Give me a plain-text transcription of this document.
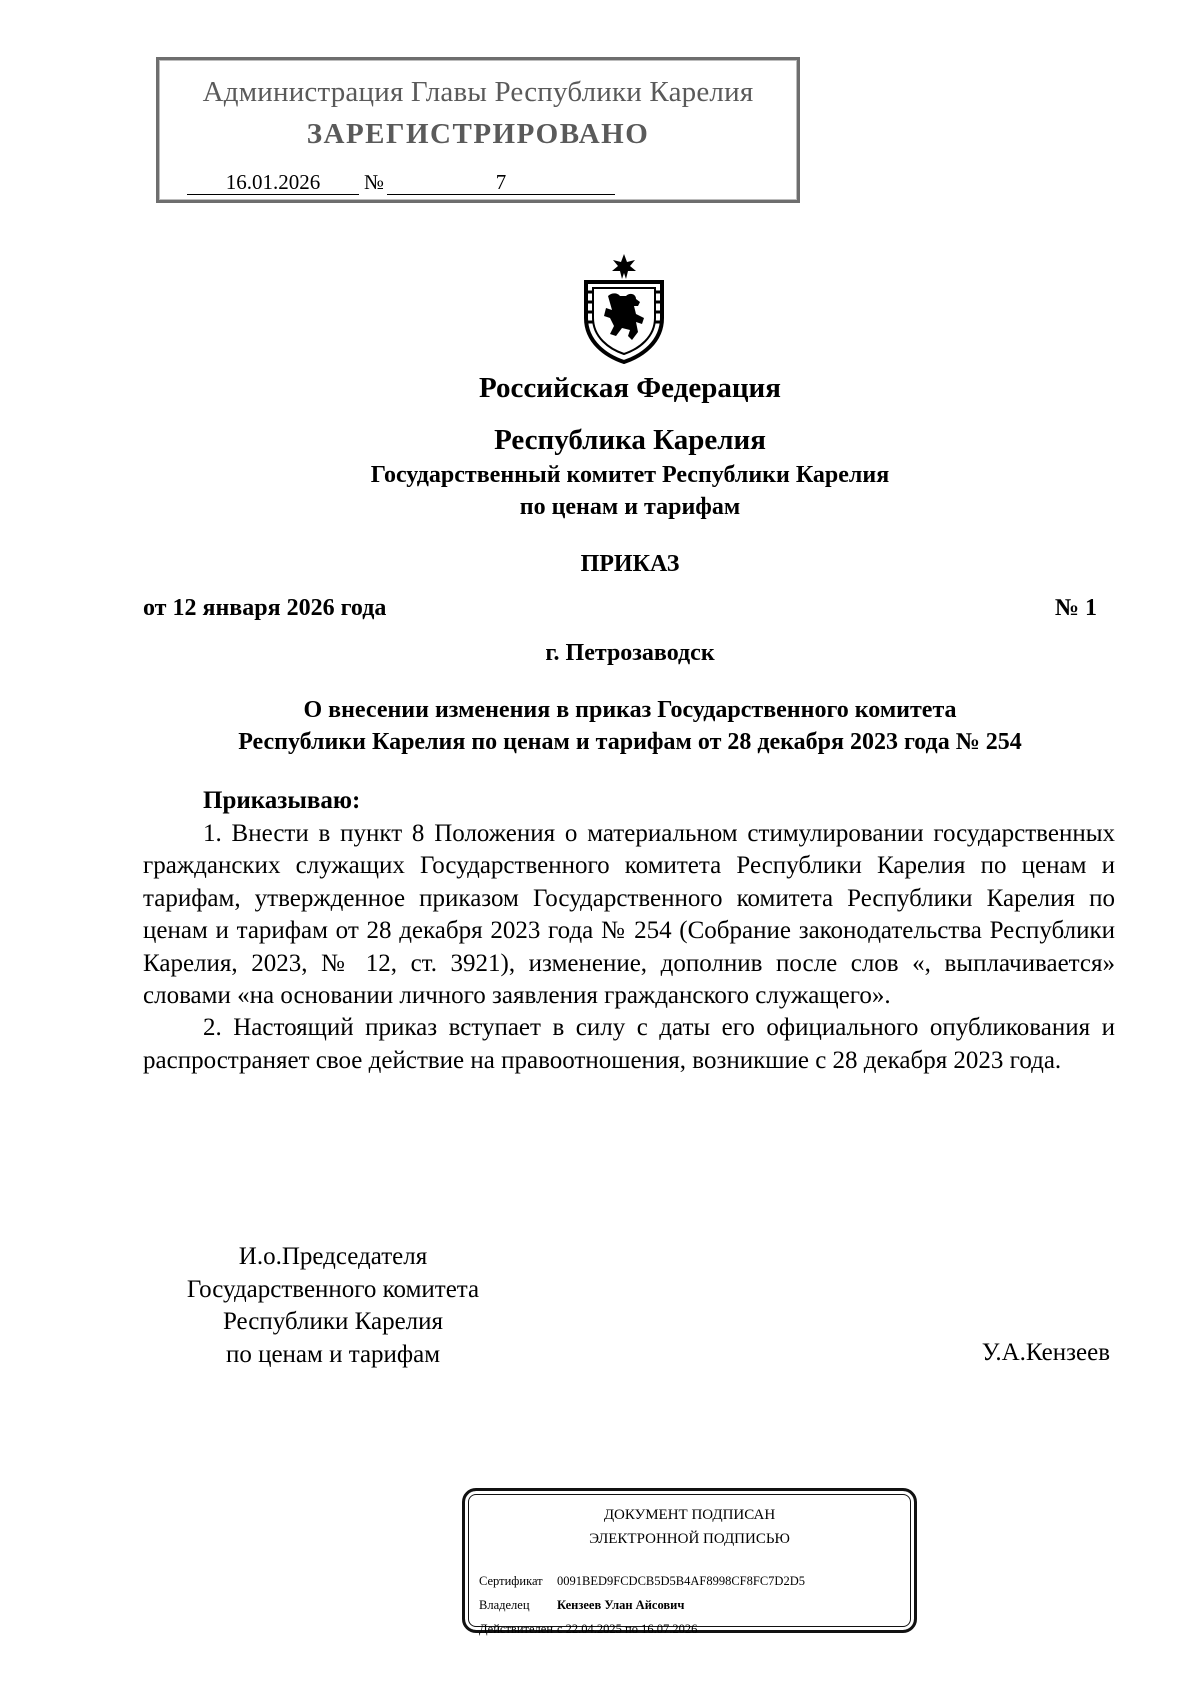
Администрация Главы Республики Карелия
ЗАРЕГИСТРИРОВАНО
16.01.2026	№	7
Российская Федерация
Республика Карелия
Государственный комитет Республики Карелия
по ценам и тарифам
ПРИКАЗ
от 12 января 2026 года	№ 1
г. Петрозаводск
О внесении изменения в приказ Государственного комитета
Республики Карелия по ценам и тарифам от 28 декабря 2023 года № 254
Приказываю:

1. Внести в пункт 8 Положения о материальном стимулировании государственных гражданских служащих Государственного комитета Республики Карелия по ценам и тарифам, утвержденное приказом Государственного комитета Республики Карелия по ценам и тарифам от 28 декабря 2023 года № 254 (Собрание законодательства Республики Карелия, 2023, № 12, ст. 3921), изменение, дополнив после слов «, выплачивается» словами «на основании личного заявления гражданского служащего».

2. Настоящий приказ вступает в силу с даты его официального опубликования и распространяет свое действие на правоотношения, возникшие с 28 декабря 2023 года.

И.о.Председателя
Государственного комитета
Республики Карелия
по ценам и тарифам	У.А.Кензеев
ДОКУМЕНТ ПОДПИСАН
ЭЛЕКТРОННОЙ ПОДПИСЬЮ
Сертификат 0091BED9FCDCB5D5B4AF8998CF8FC7D2D5
Владелец Кензеев Улан Айсович
Действителен с 22.04.2025 по 16.07.2026
